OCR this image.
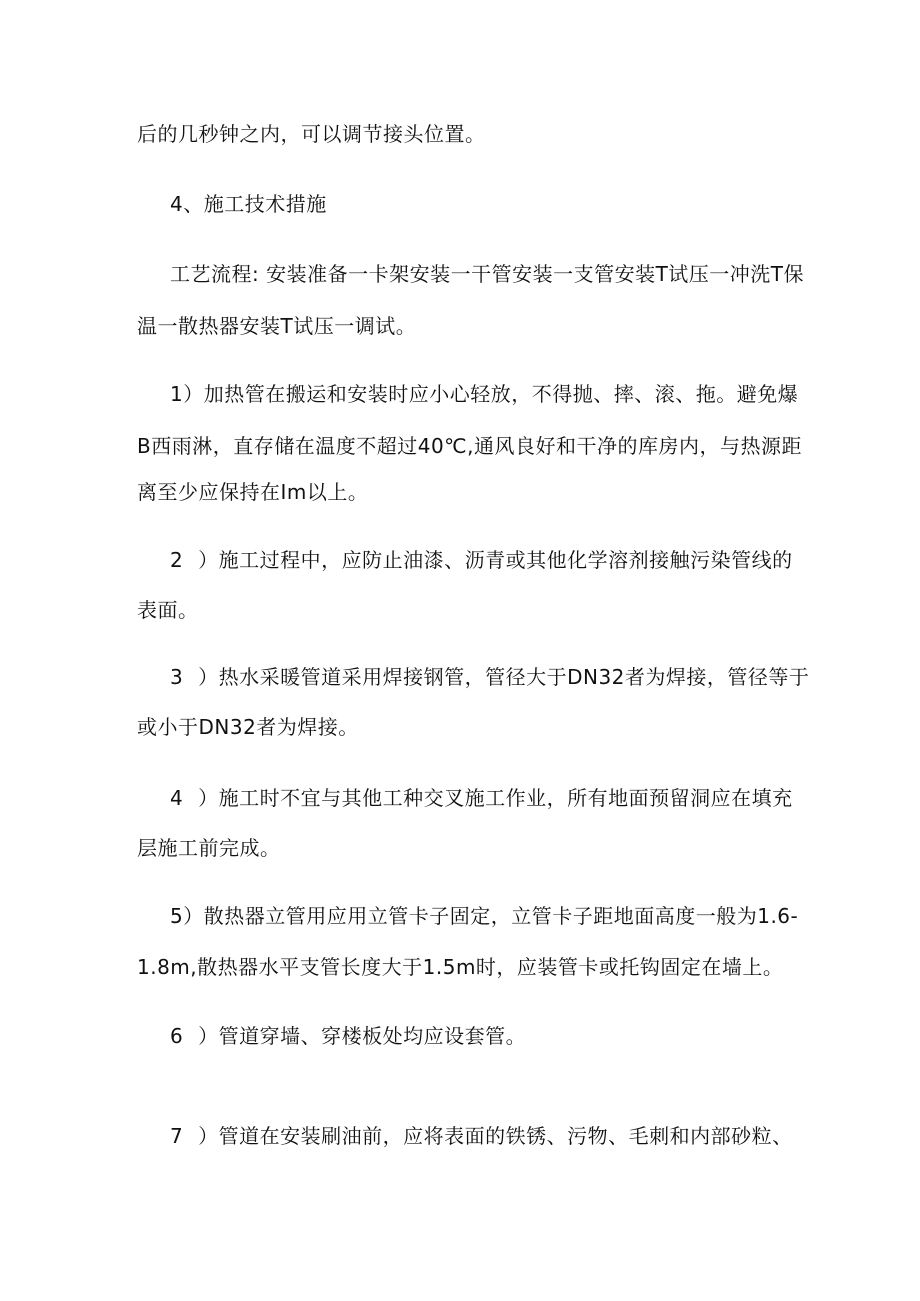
后的几秒钟之内，可以调节接头位置。
4、施工技术措施
工艺流程: 安装准备一卡架安装一干管安装一支管安装T试压一冲洗T保
温一散热器安装T试压一调试。
1）加热管在搬运和安装时应小心轻放，不得抛、摔、滚、拖。避免爆
B西雨淋，直存储在温度不超过40℃,通风良好和干净的库房内，与热源距
离至少应保持在Im以上。
2 ）施工过程中，应防止油漆、沥青或其他化学溶剂接触污染管线的
表面。
3 ）热水采暖管道采用焊接钢管，管径大于DN32者为焊接，管径等于
或小于DN32者为焊接。
4 ）施工时不宜与其他工种交叉施工作业，所有地面预留洞应在填充
层施工前完成。
5）散热器立管用应用立管卡子固定，立管卡子距地面高度一般为1.6-
1.8m,散热器水平支管长度大于1.5m时，应装管卡或托钩固定在墙上。
6 ）管道穿墙、穿楼板处均应设套管。
7 ）管道在安装刷油前，应将表面的铁锈、污物、毛刺和内部砂粒、
